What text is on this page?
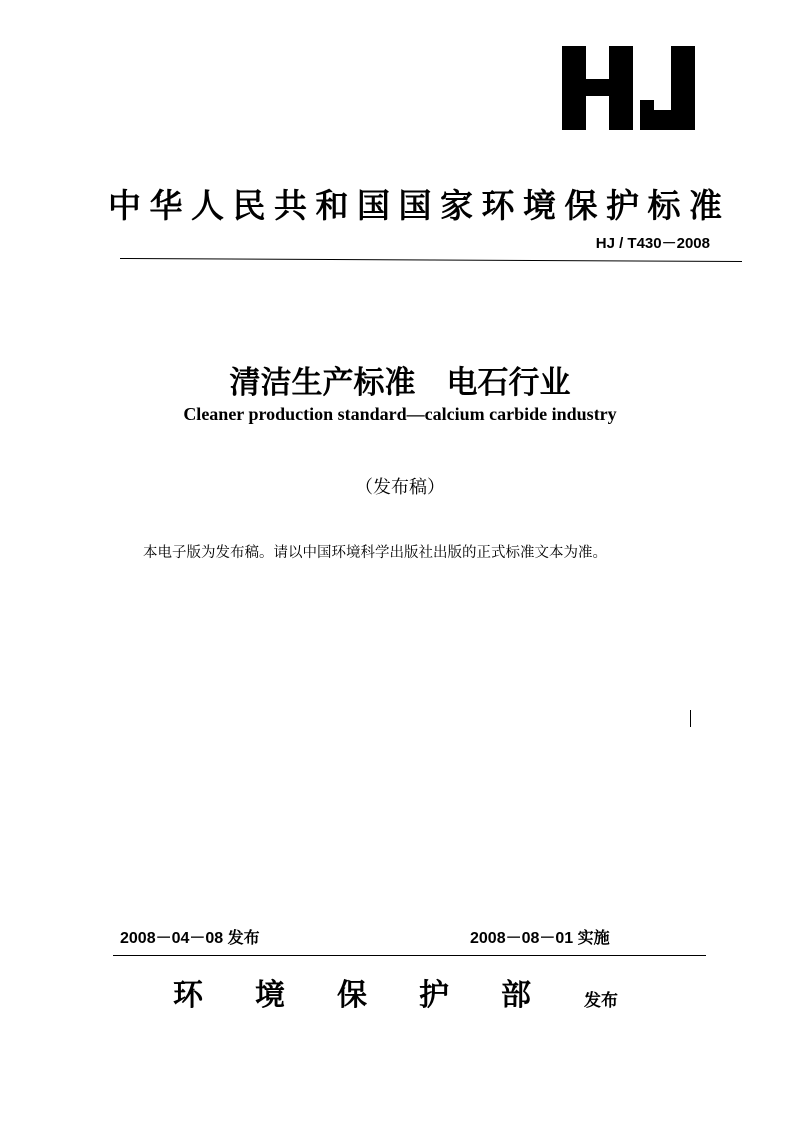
中华人民共和国国家环境保护标准
HJ / T430－2008
清洁生产标准　电石行业
Cleaner production standard—calcium carbide industry
（发布稿）
本电子版为发布稿。请以中国环境科学出版社出版的正式标准文本为准。
2008－04－08 发布	2008－08－01 实施
环境保护部 发布
